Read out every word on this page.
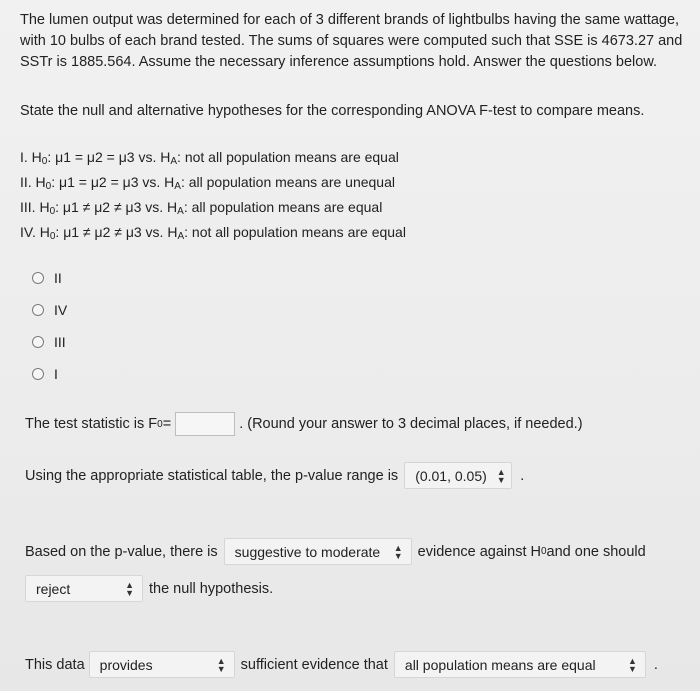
The lumen output was determined for each of 3 different brands of lightbulbs having the same wattage,
with 10 bulbs of each brand tested. The sums of squares were computed such that SSE is 4673.27 and
SSTr is 1885.564. Assume the necessary inference assumptions hold. Answer the questions below.
State the null and alternative hypotheses for the corresponding ANOVA F-test to compare means.
I. $H_0$: μ1 = μ2 = μ3 vs. $H_A$: not all population means are equal
II. $H_0$: μ1 = μ2 = μ3 vs. $H_A$: all population means are unequal
III. $H_0$: μ1 ≠ μ2 ≠ μ3 vs. $H_A$: all population means are equal
IV. $H_0$: μ1 ≠ μ2 ≠ μ3 vs. $H_A$: not all population means are equal
II
IV
III
I
The test statistic is F 0 =	. (Round your answer to 3 decimal places, if needed.)
Using the appropriate statistical table, the p-value range is (0.01, 0.05) ▲
▼ .
Based on the p-value, there is suggestive to moderate ▲
▼ evidence against H 0 and one should
reject	▲
▼ the null hypothesis.
This data provides	▲
▼ sufficient evidence that all population means are equal	▲
▼ .
